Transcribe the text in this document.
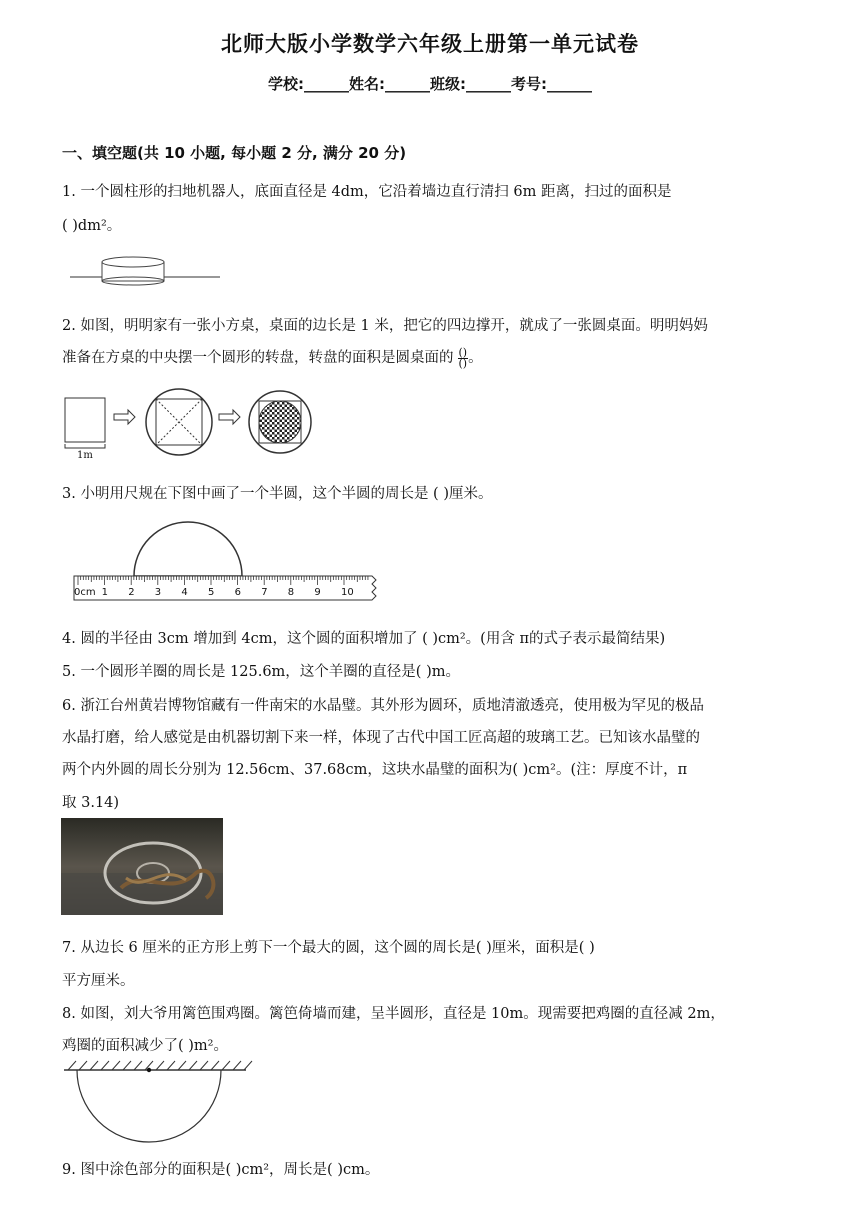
北师大版小学数学六年级上册第一单元试卷
学校:______姓名:______班级:______考号:______
一、填空题(共 10 小题, 每小题 2 分, 满分 20 分)
1. 一个圆柱形的扫地机器人，底面直径是 4dm，它沿着墙边直行清扫 6m 距离，扫过的面积是
( )dm²。
2. 如图，明明家有一张小方桌，桌面的边长是 1 米，把它的四边撑开，就成了一张圆桌面。明明妈妈
准备在方桌的中央摆一个圆形的转盘，转盘的面积是圆桌面的 $\frac{()}{()}$ 。
1m
3. 小明用尺规在下图中画了一个半圆，这个半圆的周长是 ( )厘米。
0cm 1 2 3 4 5 6 7 8 9 10
4. 圆的半径由 3cm 增加到 4cm，这个圆的面积增加了 ( )cm²。(用含 π的式子表示最简结果)
5. 一个圆形羊圈的周长是 125.6m，这个羊圈的直径是( )m。
6. 浙江台州黄岩博物馆藏有一件南宋的水晶璧。其外形为圆环，质地清澈透亮，使用极为罕见的极品
水晶打磨，给人感觉是由机器切割下来一样，体现了古代中国工匠高超的玻璃工艺。已知该水晶璧的
两个内外圆的周长分别为 12.56cm、37.68cm，这块水晶璧的面积为( )cm²。(注：厚度不计，π
取 3.14)
7. 从边长 6 厘米的正方形上剪下一个最大的圆，这个圆的周长是( )厘米，面积是( )
平方厘米。
8. 如图，刘大爷用篱笆围鸡圈。篱笆倚墙而建，呈半圆形，直径是 10m。现需要把鸡圈的直径减 2m，
鸡圈的面积减少了( )m²。
9. 图中涂色部分的面积是( )cm²，周长是( )cm。
